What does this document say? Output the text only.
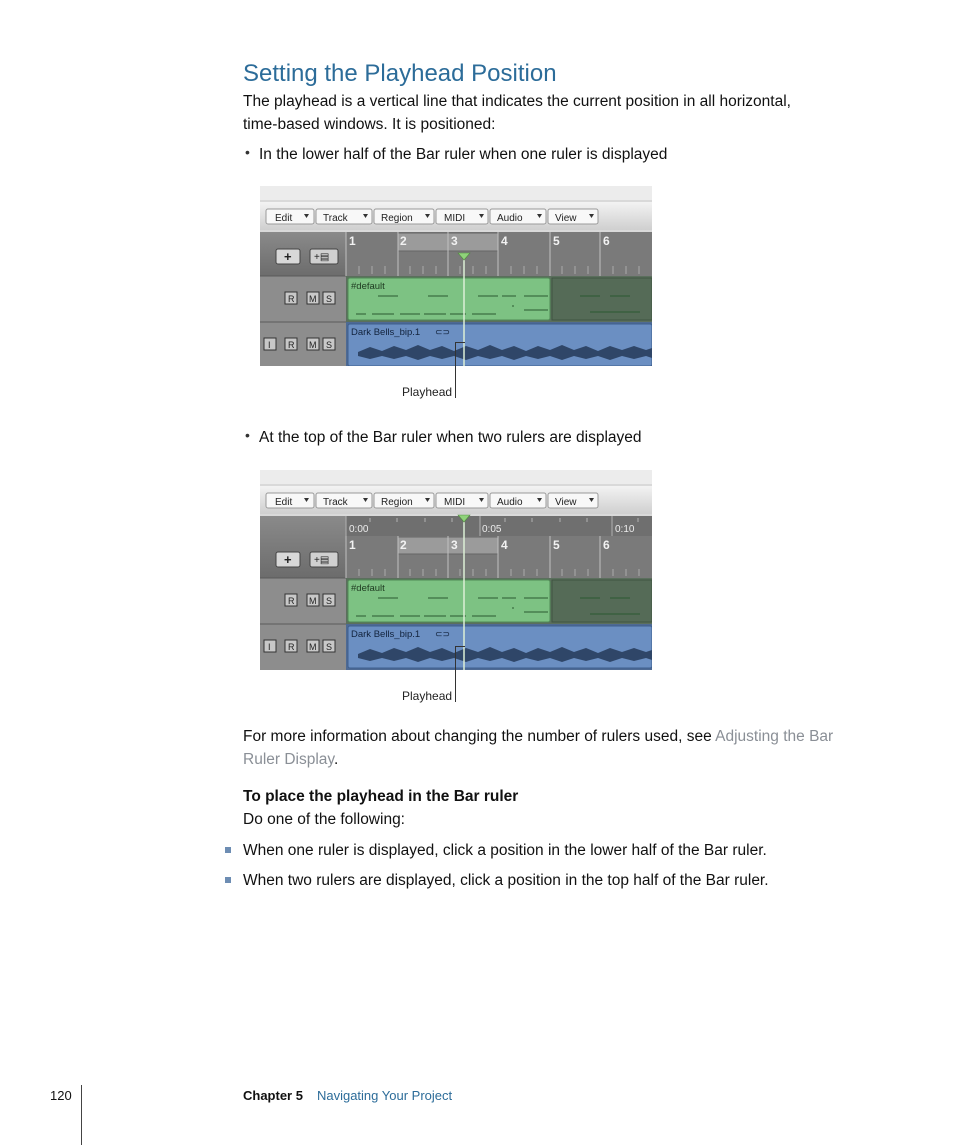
Setting the Playhead Position
The playhead is a vertical line that indicates the current position in all horizontal,
time-based windows. It is positioned:
• In the lower half of the Bar ruler when one ruler is displayed
Edit	Track	Region	MIDI	Audio	View
+ +▤
R M S
I R M S
1	2	3	4	5	6
#default
Dark Bells_bip.1 ⊂⊃
Playhead
• At the top of the Bar ruler when two rulers are displayed
Edit	Track	Region	MIDI	Audio	View
+ +▤
R M S
I R M S
0:00	0:05	0:10
1	2	3	4	5	6
#default
Dark Bells_bip.1 ⊂⊃
Playhead
For more information about changing the number of rulers used, see Adjusting the Bar
Ruler Display.
To place the playhead in the Bar ruler
Do one of the following:
When one ruler is displayed, click a position in the lower half of the Bar ruler.
When two rulers are displayed, click a position in the top half of the Bar ruler.
120	Chapter 5 Navigating Your Project
